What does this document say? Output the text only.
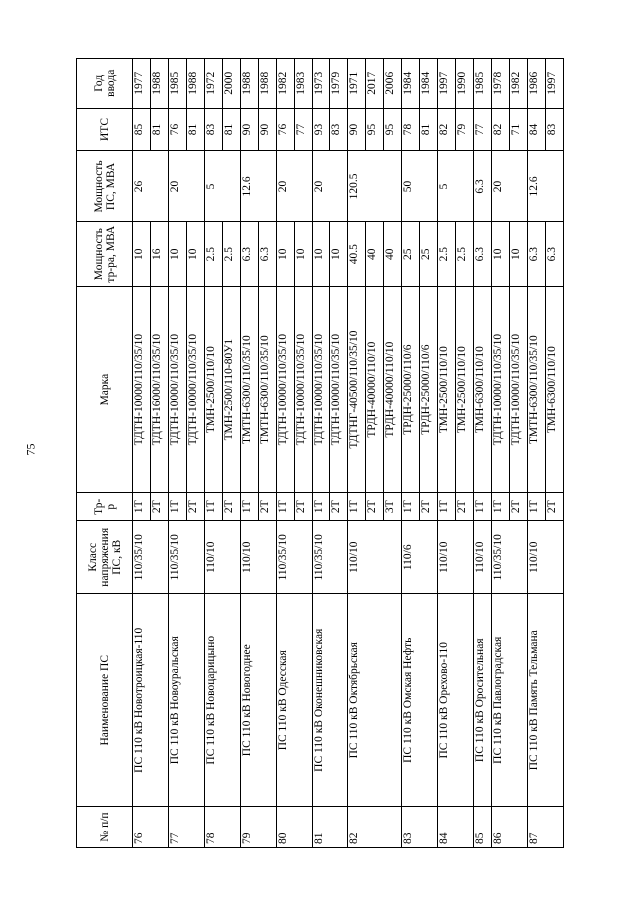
75
№ п/п	Наименование ПС	Класс напряжения ПС, кВ	Тр-р	Марка	Мощность тр-ра, МВА	Мощность ПС, МВА	ИТС	Год ввода
76	ПС 110 кВ Новотроицкая-110	110/35/10	1Т	ТДТН-10000/110/35/10	10	26	85	1977
			2Т	ТДТН-16000/110/35/10	16		81	1988
77	ПС 110 кВ Новоуральская	110/35/10	1Т	ТДТН-10000/110/35/10	10	20	76	1985
			2Т	ТДТН-10000/110/35/10	10		81	1988
78	ПС 110 кВ Новоцарицыно	110/10	1Т	ТМН-2500/110/10	2.5	5	83	1972
			2Т	ТМН-2500/110-80У1	2.5		81	2000
79	ПС 110 кВ Новогоднее	110/10	1Т	ТМТН-6300/110/35/10	6.3	12.6	90	1988
			2Т	ТМТН-6300/110/35/10	6.3		90	1988
80	ПС 110 кВ Одесская	110/35/10	1Т	ТДТН-10000/110/35/10	10	20	76	1982
			2Т	ТДТН-10000/110/35/10	10		77	1983
81	ПС 110 кВ Оконешниковская	110/35/10	1Т	ТДТН-10000/110/35/10	10	20	93	1973
			2Т	ТДТН-10000/110/35/10	10		83	1979
82	ПС 110 кВ Октябрьская	110/10	1Т	ТДТНГ-40500/110/35/10	40.5	120.5	90	1971
			2Т	ТРДН-40000/110/10	40		95	2017
			3Т	ТРДН-40000/110/10	40		95	2006
83	ПС 110 кВ Омская Нефть	110/6	1Т	ТРДН-25000/110/6	25	50	78	1984
			2Т	ТРДН-25000/110/6	25		81	1984
84	ПС 110 кВ Орехово-110	110/10	1Т	ТМН-2500/110/10	2.5	5	82	1997
			2Т	ТМН-2500/110/10	2.5		79	1990
85	ПС 110 кВ Оросительная	110/10	1Т	ТМН-6300/110/10	6.3	6.3	77	1985
86	ПС 110 кВ Павлоградская	110/35/10	1Т	ТДТН-10000/110/35/10	10	20	82	1978
			2Т	ТДТН-10000/110/35/10	10		71	1982
87	ПС 110 кВ Память Тельмана	110/10	1Т	ТМТН-6300/110/35/10	6.3	12.6	84	1986
			2Т	ТМН-6300/110/10	6.3		83	1997
